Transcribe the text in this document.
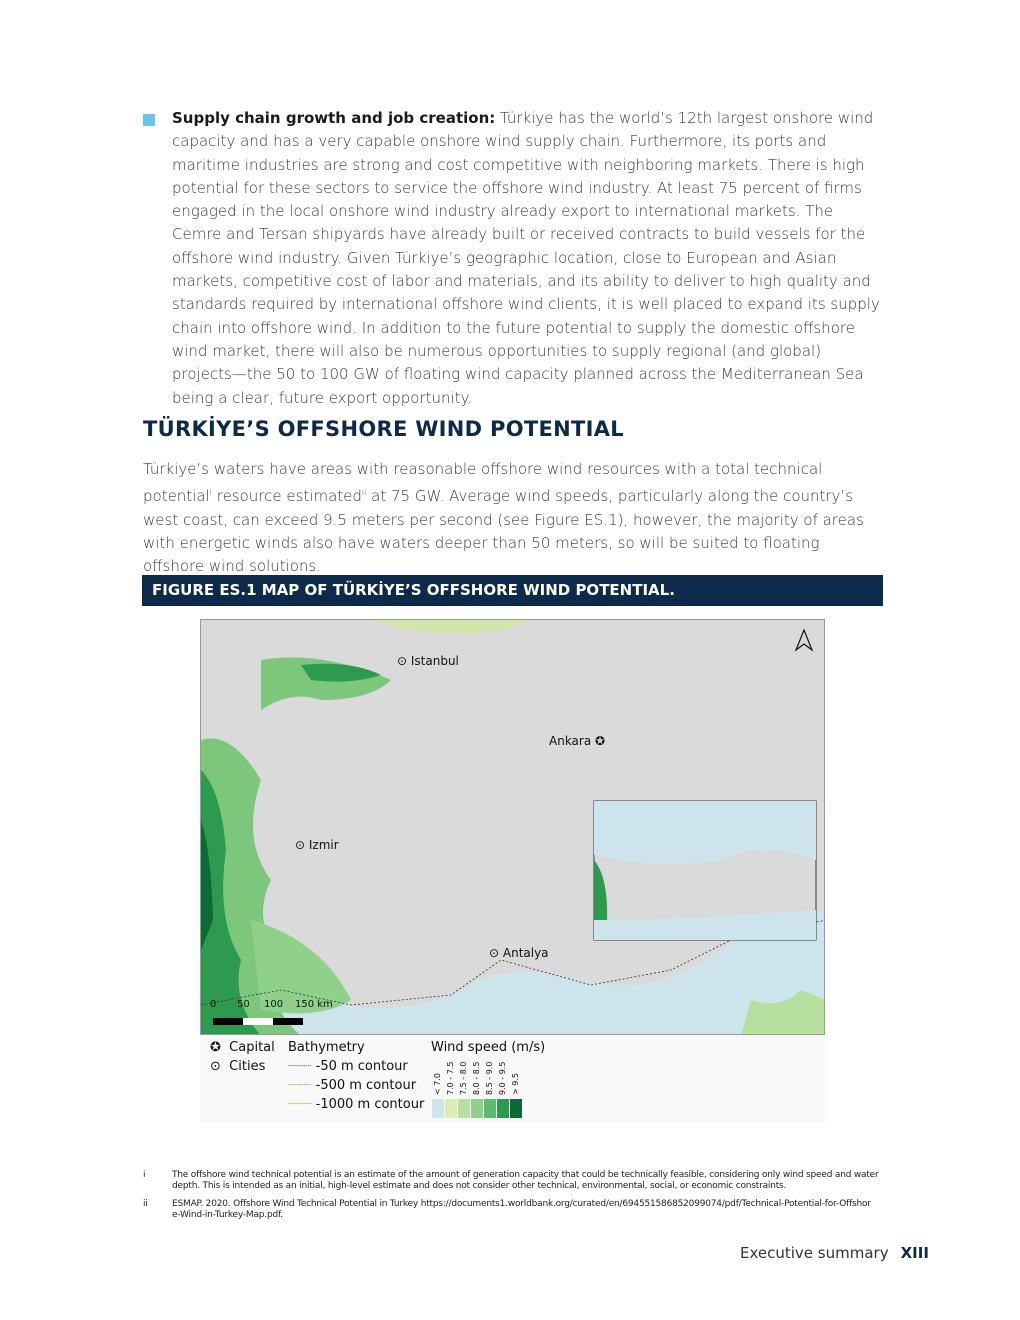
Supply chain growth and job creation: Türkiye has the world’s 12th largest onshore wind capacity and has a very capable onshore wind supply chain. Furthermore, its ports and maritime industries are strong and cost competitive with neighboring markets. There is high potential for these sectors to service the offshore wind industry. At least 75 percent of firms engaged in the local onshore wind industry already export to international markets. The Cemre and Tersan shipyards have already built or received contracts to build vessels for the offshore wind industry. Given Türkiye’s geographic location, close to European and Asian markets, competitive cost of labor and materials, and its ability to deliver to high quality and standards required by international offshore wind clients, it is well placed to expand its supply chain into offshore wind. In addition to the future potential to supply the domestic offshore wind market, there will also be numerous opportunities to supply regional (and global) projects—the 50 to 100 GW of floating wind capacity planned across the Mediterranean Sea being a clear, future export opportunity.
TÜRKİYE’S OFFSHORE WIND POTENTIAL
Türkiye’s waters have areas with reasonable offshore wind resources with a total technical potential$^i$ resource estimated$^{ii}$ at 75 GW. Average wind speeds, particularly along the country’s west coast, can exceed 9.5 meters per second (see Figure ES.1), however, the majority of areas with energetic winds also have waters deeper than 50 meters, so will be suited to floating offshore wind solutions.
FIGURE ES.1 MAP OF TÜRKİYE’S OFFSHORE WIND POTENTIAL.
⊙ Istanbul
Ankara ✪
⊙ Izmir
⊙ Antalya
0 50 100 150 km
✪ Capital
⊙ Cities
Bathymetry
┈┈┈ -50 m contour
┈┈┈ -500 m contour
─── -1000 m contour
Wind speed (m/s)
< 7.0 7.0 - 7.5 7.5 - 8.0 8.0 - 8.5 8.5 - 9.0 9.0 - 9.5 > 9.5
i	The offshore wind technical potential is an estimate of the amount of generation capacity that could be technically feasible, considering only wind speed and water depth. This is intended as an initial, high-level estimate and does not consider other technical, environmental, social, or economic constraints.
ii	ESMAP. 2020. Offshore Wind Technical Potential in Turkey https://documents1.worldbank.org/curated/en/694551586852099074/pdf/Technical-Potential-for-Offshore-Wind-in-Turkey-Map.pdf.
Executive summary XIII
